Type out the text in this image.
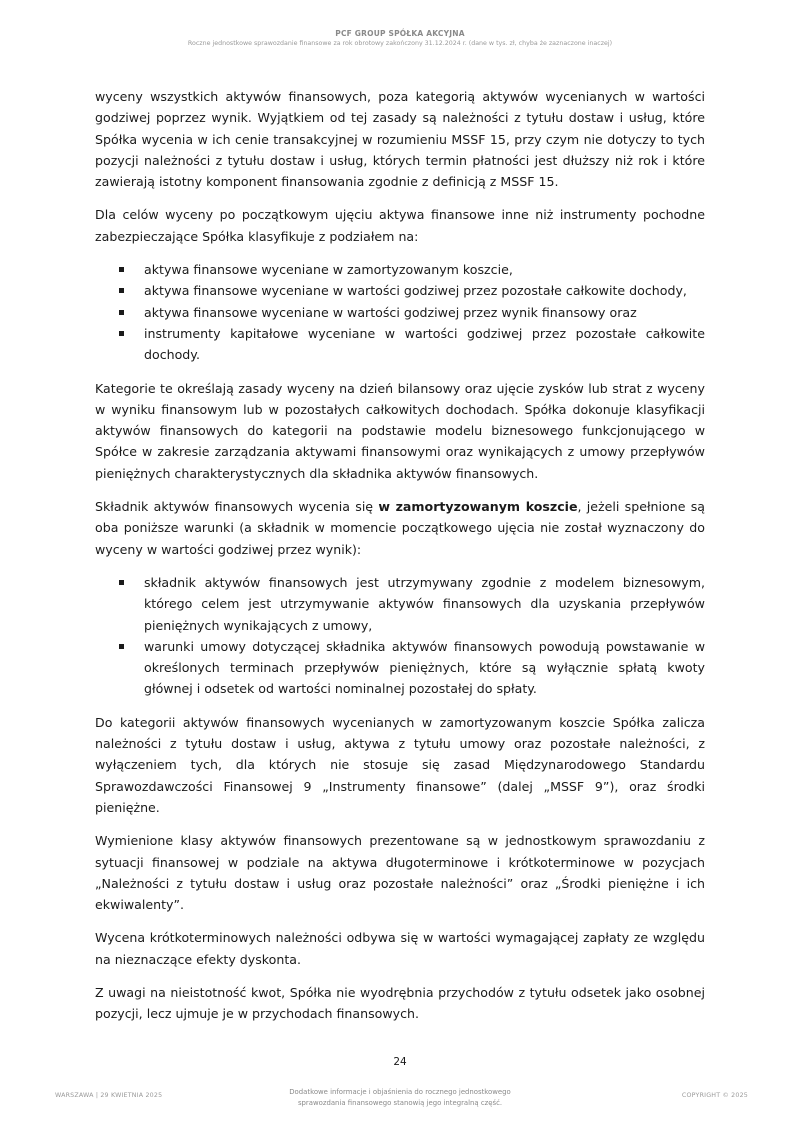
PCF GROUP SPÓŁKA AKCYJNA
Roczne jednostkowe sprawozdanie finansowe za rok obrotowy zakończony 31.12.2024 r. (dane w tys. zł, chyba że zaznaczone inaczej)

wyceny wszystkich aktywów finansowych, poza kategorią aktywów wycenianych w wartości godziwej poprzez wynik. Wyjątkiem od tej zasady są należności z tytułu dostaw i usług, które Spółka wycenia w ich cenie transakcyjnej w rozumieniu MSSF 15, przy czym nie dotyczy to tych pozycji należności z tytułu dostaw i usług, których termin płatności jest dłuższy niż rok i które zawierają istotny komponent finansowania zgodnie z definicją z MSSF 15.

Dla celów wyceny po początkowym ujęciu aktywa finansowe inne niż instrumenty pochodne zabezpieczające Spółka klasyfikuje z podziałem na:

aktywa finansowe wyceniane w zamortyzowanym koszcie,
aktywa finansowe wyceniane w wartości godziwej przez pozostałe całkowite dochody,
aktywa finansowe wyceniane w wartości godziwej przez wynik finansowy oraz
instrumenty kapitałowe wyceniane w wartości godziwej przez pozostałe całkowite dochody.

Kategorie te określają zasady wyceny na dzień bilansowy oraz ujęcie zysków lub strat z wyceny w wyniku finansowym lub w pozostałych całkowitych dochodach. Spółka dokonuje klasyfikacji aktywów finansowych do kategorii na podstawie modelu biznesowego funkcjonującego w Spółce w zakresie zarządzania aktywami finansowymi oraz wynikających z umowy przepływów pieniężnych charakterystycznych dla składnika aktywów finansowych.

Składnik aktywów finansowych wycenia się w zamortyzowanym koszcie, jeżeli spełnione są oba poniższe warunki (a składnik w momencie początkowego ujęcia nie został wyznaczony do wyceny w wartości godziwej przez wynik):

składnik aktywów finansowych jest utrzymywany zgodnie z modelem biznesowym, którego celem jest utrzymywanie aktywów finansowych dla uzyskania przepływów pieniężnych wynikających z umowy,
warunki umowy dotyczącej składnika aktywów finansowych powodują powstawanie w określonych terminach przepływów pieniężnych, które są wyłącznie spłatą kwoty głównej i odsetek od wartości nominalnej pozostałej do spłaty.

Do kategorii aktywów finansowych wycenianych w zamortyzowanym koszcie Spółka zalicza należności z tytułu dostaw i usług, aktywa z tytułu umowy oraz pozostałe należności, z wyłączeniem tych, dla których nie stosuje się zasad Międzynarodowego Standardu Sprawozdawczości Finansowej 9 „Instrumenty finansowe” (dalej „MSSF 9”), oraz środki pieniężne.

Wymienione klasy aktywów finansowych prezentowane są w jednostkowym sprawozdaniu z sytuacji finansowej w podziale na aktywa długoterminowe i krótkoterminowe w pozycjach „Należności z tytułu dostaw i usług oraz pozostałe należności” oraz „Środki pieniężne i ich ekwiwalenty”.

Wycena krótkoterminowych należności odbywa się w wartości wymagającej zapłaty ze względu na nieznaczące efekty dyskonta.

Z uwagi na nieistotność kwot, Spółka nie wyodrębnia przychodów z tytułu odsetek jako osobnej pozycji, lecz ujmuje je w przychodach finansowych.

24
WARSZAWA | 29 KWIETNIA 2025	Dodatkowe informacje i objaśnienia do rocznego jednostkowego
sprawozdania finansowego stanowią jego integralną część.
COPYRIGHT © 2025
